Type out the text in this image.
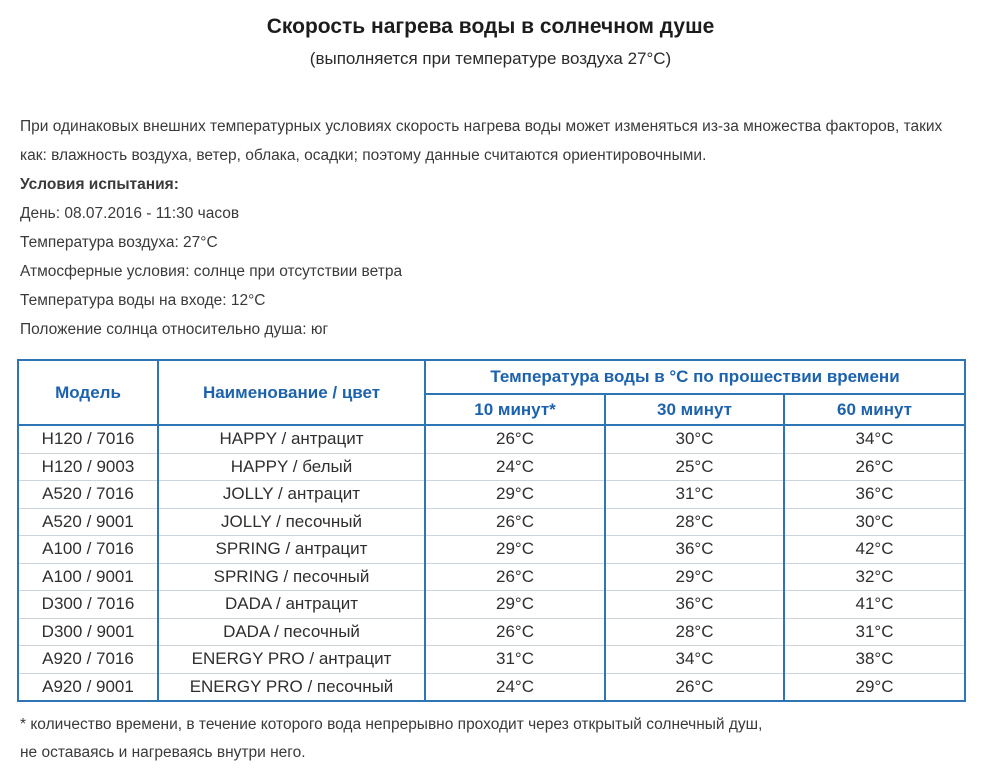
Скорость нагрева воды в солнечном душе
(выполняется при температуре воздуха 27°С)

При одинаковых внешних температурных условиях скорость нагрева воды может изменяться из-за множества факторов, таких как: влажность воздуха, ветер, облака, осадки; поэтому данные считаются ориентировочными.

Условия испытания:
День: 08.07.2016 - 11:30 часов
Температура воздуха: 27°С
Атмосферные условия: солнце при отсутствии ветра
Температура воды на входе: 12°С
Положение солнца относительно душа: юг
Модель	Наименование / цвет	Температура воды в °С по прошествии времени		
		10 минут*	30 минут	60 минут
H120 / 7016	HAPPY / антрацит	26°С	30°С	34°С
H120 / 9003	HAPPY / белый	24°С	25°С	26°С
A520 / 7016	JOLLY / антрацит	29°С	31°С	36°С
A520 / 9001	JOLLY / песочный	26°С	28°С	30°С
A100 / 7016	SPRING / антрацит	29°С	36°С	42°С
A100 / 9001	SPRING / песочный	26°С	29°С	32°С
D300 / 7016	DADA / антрацит	29°С	36°С	41°С
D300 / 9001	DADA / песочный	26°С	28°С	31°С
A920 / 7016	ENERGY PRO / антрацит	31°С	34°С	38°С
A920 / 9001	ENERGY PRO / песочный	24°С	26°С	29°С
* количество времени, в течение которого вода непрерывно проходит через открытый солнечный душ,
не оставаясь и нагреваясь внутри него.
